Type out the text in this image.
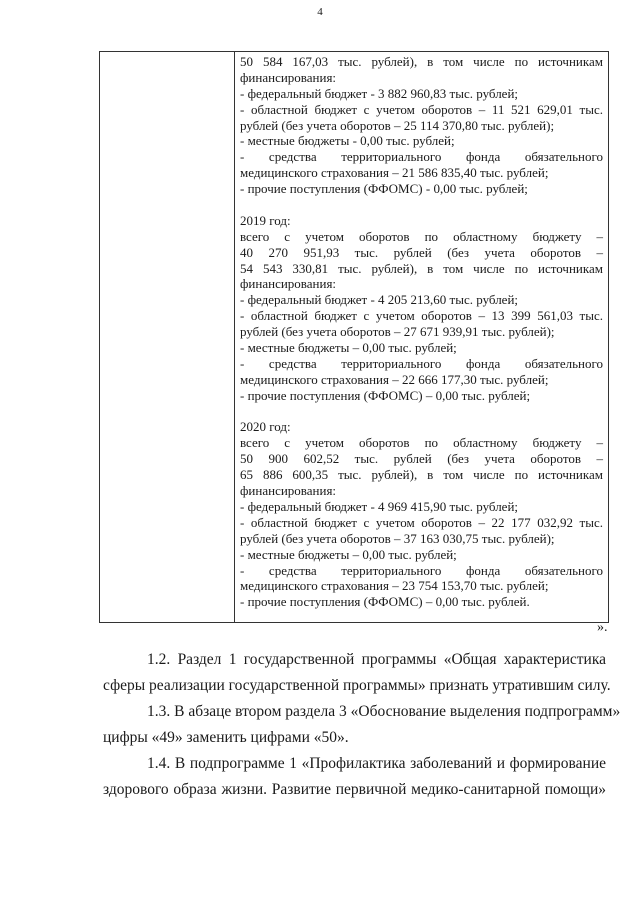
4
50 584 167,03 тыс. рублей), в том числе по источникам
финансирования:
- федеральный бюджет - 3 882 960,83 тыс. рублей;
- областной бюджет с учетом оборотов – 11 521 629,01 тыс.
рублей (без учета оборотов – 25 114 370,80 тыс. рублей);
- местные бюджеты - 0,00 тыс. рублей;
- средства территориального фонда обязательного
медицинского страхования – 21 586 835,40 тыс. рублей;
- прочие поступления (ФФОМС) - 0,00 тыс. рублей;
2019 год:
всего с учетом оборотов по областному бюджету –
40 270 951,93 тыс. рублей (без учета оборотов –
54 543 330,81 тыс. рублей), в том числе по источникам
финансирования:
- федеральный бюджет - 4 205 213,60 тыс. рублей;
- областной бюджет с учетом оборотов – 13 399 561,03 тыс.
рублей (без учета оборотов – 27 671 939,91 тыс. рублей);
- местные бюджеты – 0,00 тыс. рублей;
- средства территориального фонда обязательного
медицинского страхования – 22 666 177,30 тыс. рублей;
- прочие поступления (ФФОМС) – 0,00 тыс. рублей;
2020 год:
всего с учетом оборотов по областному бюджету –
50 900 602,52 тыс. рублей (без учета оборотов –
65 886 600,35 тыс. рублей), в том числе по источникам
финансирования:
- федеральный бюджет - 4 969 415,90 тыс. рублей;
- областной бюджет с учетом оборотов – 22 177 032,92 тыс.
рублей (без учета оборотов – 37 163 030,75 тыс. рублей);
- местные бюджеты – 0,00 тыс. рублей;
- средства территориального фонда обязательного
медицинского страхования – 23 754 153,70 тыс. рублей;
- прочие поступления (ФФОМС) – 0,00 тыс. рублей.
».
1.2. Раздел 1 государственной программы «Общая характеристика
сферы реализации государственной программы» признать утратившим силу.
1.3. В абзаце втором раздела 3 «Обоснование выделения подпрограмм»
цифры «49» заменить цифрами «50».
1.4. В подпрограмме 1 «Профилактика заболеваний и формирование
здорового образа жизни. Развитие первичной медико-санитарной помощи»
